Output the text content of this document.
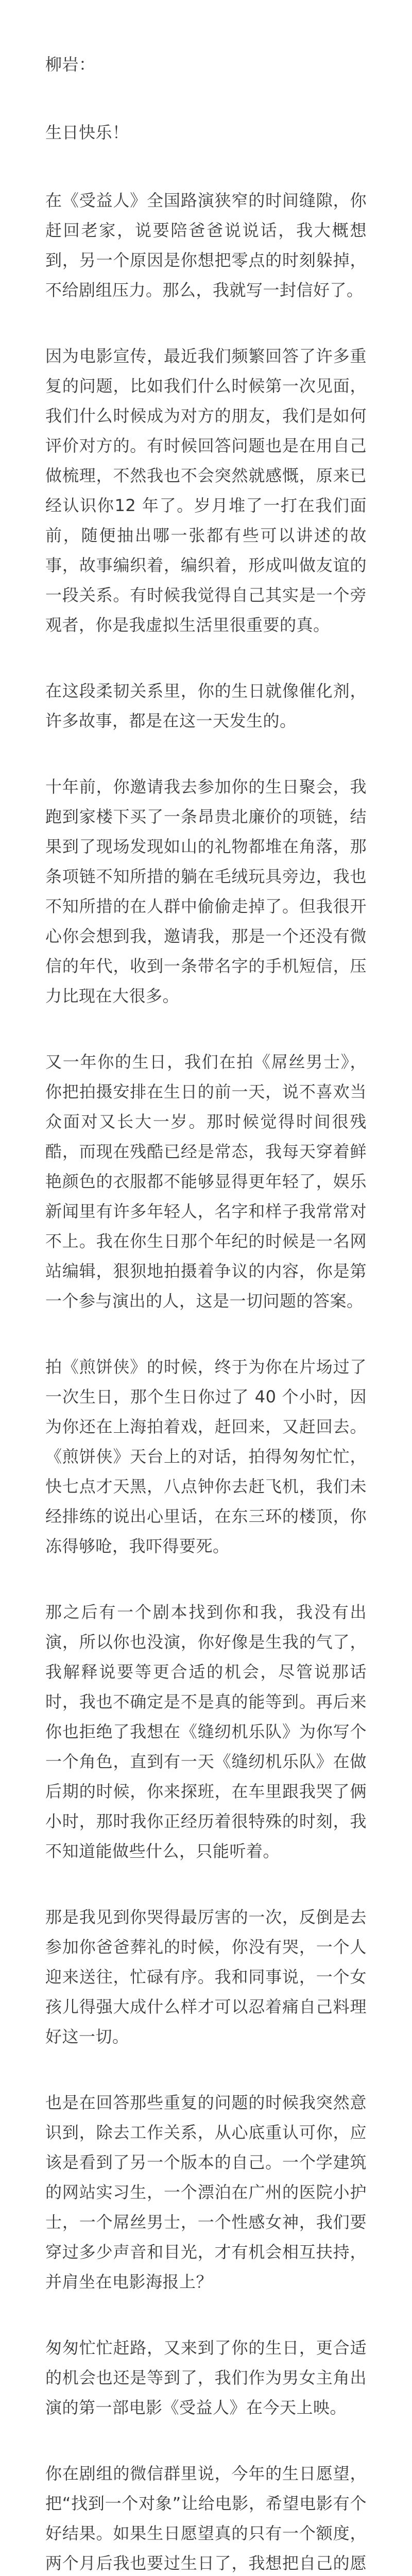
柳岩：

生日快乐！

在《受益人》全国路演狭窄的时间缝隙，你赶回老家，说要陪爸爸说说话，我大概想到，另一个原因是你想把零点的时刻躲掉，不给剧组压力。那么，我就写一封信好了。

因为电影宣传，最近我们频繁回答了许多重复的问题，比如我们什么时候第一次见面，我们什么时候成为对方的朋友，我们是如何评价对方的。有时候回答问题也是在用自己做梳理，不然我也不会突然就感慨，原来已经认识你12 年了。岁月堆了一打在我们面前，随便抽出哪一张都有些可以讲述的故事，故事编织着，编织着，形成叫做友谊的一段关系。有时候我觉得自己其实是一个旁观者，你是我虚拟生活里很重要的真。

在这段柔韧关系里，你的生日就像催化剂，许多故事，都是在这一天发生的。

十年前，你邀请我去参加你的生日聚会，我跑到家楼下买了一条昂贵北廉价的项链，结果到了现场发现如山的礼物都堆在角落，那条项链不知所措的躺在毛绒玩具旁边，我也不知所措的在人群中偷偷走掉了。但我很开心你会想到我，邀请我，那是一个还没有微信的年代，收到一条带名字的手机短信，压力比现在大很多。

又一年你的生日，我们在拍《屌丝男士》，你把拍摄安排在生日的前一天，说不喜欢当众面对又长大一岁。那时候觉得时间很残酷，而现在残酷已经是常态，我每天穿着鲜艳颜色的衣服都不能够显得更年轻了，娱乐新闻里有许多年轻人，名字和样子我常常对不上。我在你生日那个年纪的时候是一名网站编辑，狠狈地拍摄着争议的内容，你是第一个参与演出的人，这是一切问题的答案。

拍《煎饼侠》的时候，终于为你在片场过了一次生日，那个生日你过了 40 个小时，因为你还在上海拍着戏，赶回来，又赶回去。《煎饼侠》天台上的对话，拍得匆匆忙忙，快七点才天黑，八点钟你去赶飞机，我们未经排练的说出心里话，在东三环的楼顶，你冻得够呛，我吓得要死。

那之后有一个剧本找到你和我，我没有出演，所以你也没演，你好像是生我的气了，我解释说要等更合适的机会，尽管说那话时，我也不确定是不是真的能等到。再后来你也拒绝了我想在《缝纫机乐队》为你写个一个角色，直到有一天《缝纫机乐队》在做后期的时候，你来探班，在车里跟我哭了俩小时，那时我你正经历着很特殊的时刻，我不知道能做些什么，只能听着。

那是我见到你哭得最厉害的一次，反倒是去参加你爸爸葬礼的时候，你没有哭，一个人迎来送往，忙碌有序。我和同事说，一个女孩儿得强大成什么样才可以忍着痛自己料理好这一切。

也是在回答那些重复的问题的时候我突然意识到，除去工作关系，从心底重认可你，应该是看到了另一个版本的自己。一个学建筑的网站实习生，一个漂泊在广州的医院小护士，一个屌丝男士，一个性感女神，我们要穿过多少声音和目光，才有机会相互扶持，并肩坐在电影海报上？

匆匆忙忙赶路，又来到了你的生日，更合适的机会也还是等到了，我们作为男女主角出演的第一部电影《受益人》在今天上映。

你在剧组的微信群里说，今年的生日愿望，把“找到一个对象”让给电影，希望电影有个好结果。如果生日愿望真的只有一个额度，两个月后我也要过生日了，我想把自己的愿
